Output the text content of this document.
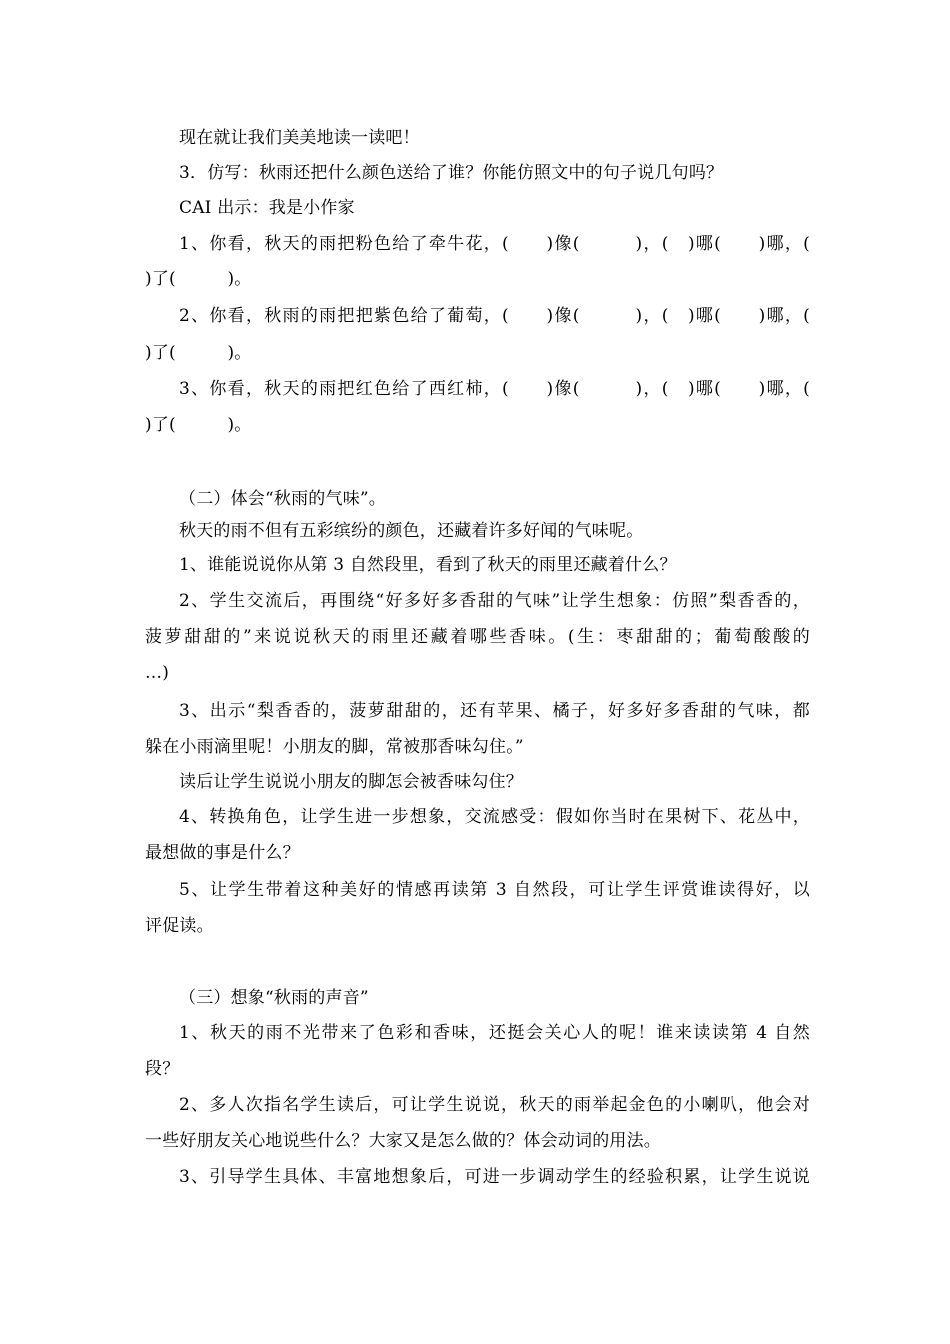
现在就让我们美美地读一读吧！
3．仿写：秋雨还把什么颜色送给了谁？你能仿照文中的句子说几句吗？
CAI 出示：我是小作家
1、你看，秋天的雨把粉色给了牵牛花，(　　)像(　　　)，(　)哪(　　)哪，(
)了(　　　)。
2、你看，秋雨的雨把把紫色给了葡萄，(　　)像(　　　)，(　)哪(　　)哪，(
)了(　　　)。
3、你看，秋天的雨把红色给了西红柿，(　　)像(　　　)，(　)哪(　　)哪，(
)了(　　　)。
（二）体会“秋雨的气味”。
秋天的雨不但有五彩缤纷的颜色，还藏着许多好闻的气味呢。
1、谁能说说你从第 3 自然段里，看到了秋天的雨里还藏着什么？
2、学生交流后，再围绕“好多好多香甜的气味”让学生想象：仿照”梨香香的，
菠萝甜甜的”来说说秋天的雨里还藏着哪些香味。(生：枣甜甜的；葡萄酸酸的
…)
3、出示“梨香香的，菠萝甜甜的，还有苹果、橘子，好多好多香甜的气味，都
躲在小雨滴里呢！小朋友的脚，常被那香味勾住。”
读后让学生说说小朋友的脚怎会被香味勾住？
4、转换角色，让学生进一步想象，交流感受：假如你当时在果树下、花丛中，
最想做的事是什么？
5、让学生带着这种美好的情感再读第 3 自然段，可让学生评赏谁读得好，以
评促读。
（三）想象“秋雨的声音”
1、秋天的雨不光带来了色彩和香味，还挺会关心人的呢！谁来读读第 4 自然
段？
2、多人次指名学生读后，可让学生说说，秋天的雨举起金色的小喇叭，他会对
一些好朋友关心地说些什么？大家又是怎么做的？体会动词的用法。
3、引导学生具体、丰富地想象后，可进一步调动学生的经验积累，让学生说说
